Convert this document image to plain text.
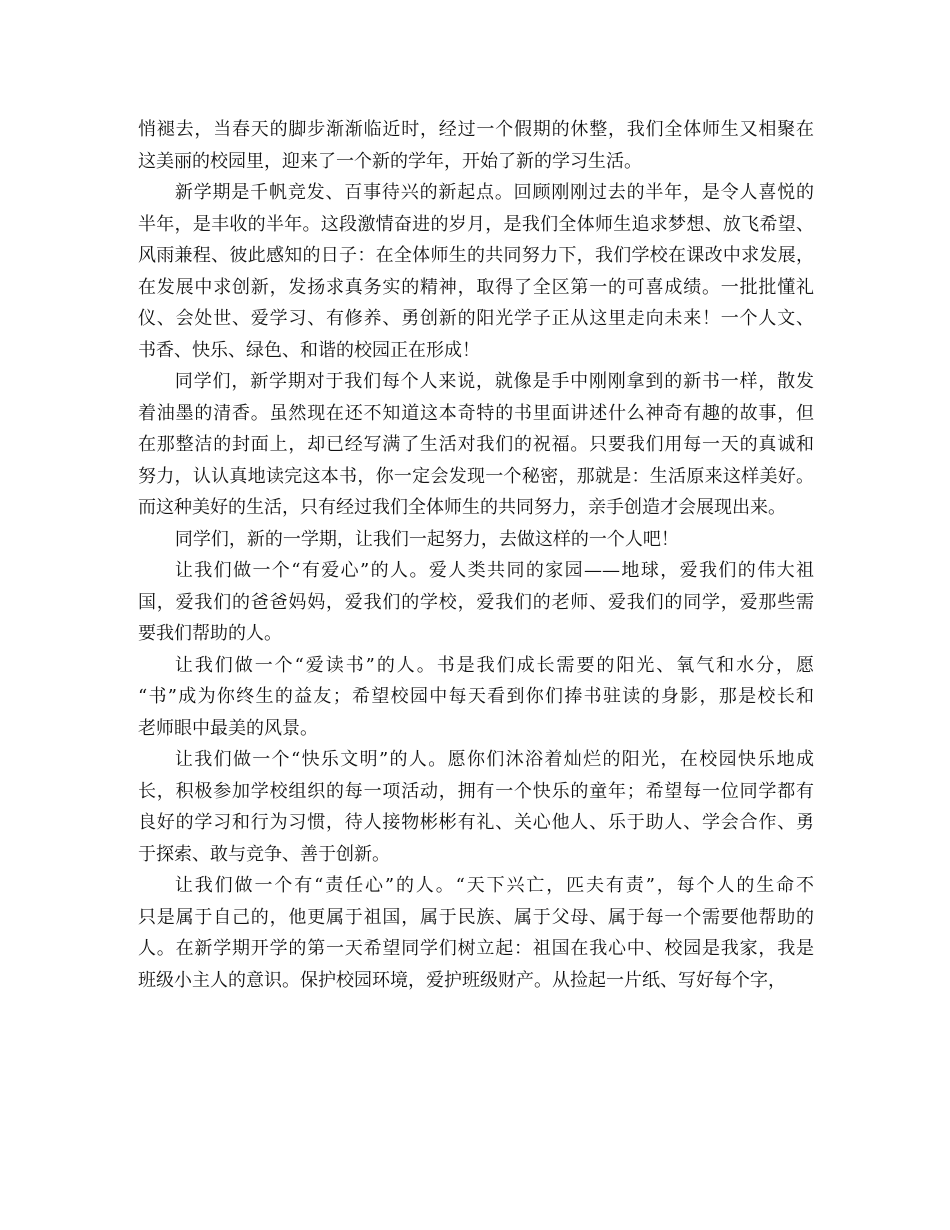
悄褪去，当春天的脚步渐渐临近时，经过一个假期的休整，我们全体师生又相聚在
这美丽的校园里，迎来了一个新的学年，开始了新的学习生活。
新学期是千帆竞发、百事待兴的新起点。回顾刚刚过去的半年，是令人喜悦的
半年，是丰收的半年。这段激情奋进的岁月，是我们全体师生追求梦想、放飞希望、
风雨兼程、彼此感知的日子：在全体师生的共同努力下，我们学校在课改中求发展，
在发展中求创新，发扬求真务实的精神，取得了全区第一的可喜成绩。一批批懂礼
仪、会处世、爱学习、有修养、勇创新的阳光学子正从这里走向未来！一个人文、
书香、快乐、绿色、和谐的校园正在形成！
同学们，新学期对于我们每个人来说，就像是手中刚刚拿到的新书一样，散发
着油墨的清香。虽然现在还不知道这本奇特的书里面讲述什么神奇有趣的故事，但
在那整洁的封面上，却已经写满了生活对我们的祝福。只要我们用每一天的真诚和
努力，认认真地读完这本书，你一定会发现一个秘密，那就是：生活原来这样美好。
而这种美好的生活，只有经过我们全体师生的共同努力，亲手创造才会展现出来。
同学们，新的一学期，让我们一起努力，去做这样的一个人吧！
让我们做一个“有爱心”的人。爱人类共同的家园——地球，爱我们的伟大祖
国，爱我们的爸爸妈妈，爱我们的学校，爱我们的老师、爱我们的同学，爱那些需
要我们帮助的人。
让我们做一个“爱读书”的人。书是我们成长需要的阳光、氧气和水分，愿
“书”成为你终生的益友；希望校园中每天看到你们捧书驻读的身影，那是校长和
老师眼中最美的风景。
让我们做一个“快乐文明”的人。愿你们沐浴着灿烂的阳光，在校园快乐地成
长，积极参加学校组织的每一项活动，拥有一个快乐的童年；希望每一位同学都有
良好的学习和行为习惯，待人接物彬彬有礼、关心他人、乐于助人、学会合作、勇
于探索、敢与竞争、善于创新。
让我们做一个有“责任心”的人。“天下兴亡，匹夫有责”，每个人的生命不
只是属于自己的，他更属于祖国，属于民族、属于父母、属于每一个需要他帮助的
人。在新学期开学的第一天希望同学们树立起：祖国在我心中、校园是我家，我是
班级小主人的意识。保护校园环境，爱护班级财产。从捡起一片纸、写好每个字，
